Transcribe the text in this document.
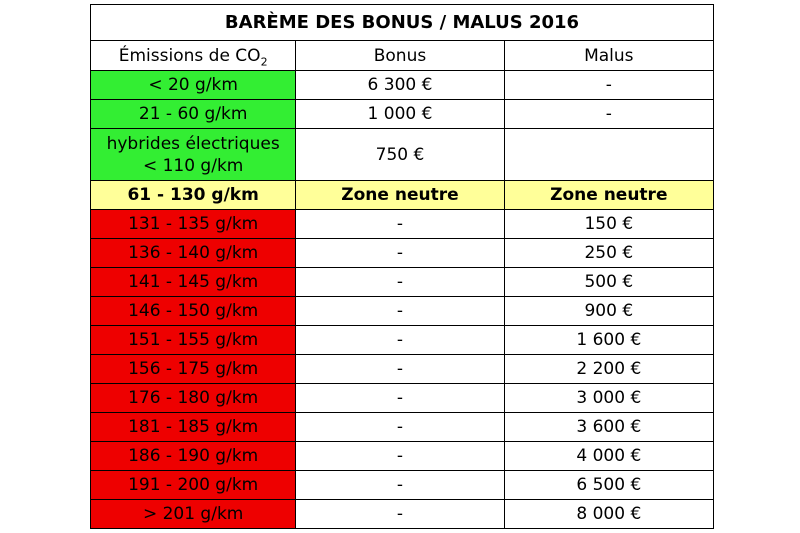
BARÈME DES BONUS / MALUS 2016		
Émissions de $CO_2$	Bonus	Malus
< 20 g/km	6 300 €	-
21 - 60 g/km	1 000 €	-

hybrides électriques
< 110 g/km	750 €	
61 - 130 g/km	Zone neutre	Zone neutre
131 - 135 g/km	-	150 €
136 - 140 g/km	-	250 €
141 - 145 g/km	-	500 €
146 - 150 g/km	-	900 €
151 - 155 g/km	-	1 600 €
156 - 175 g/km	-	2 200 €
176 - 180 g/km	-	3 000 €
181 - 185 g/km	-	3 600 €
186 - 190 g/km	-	4 000 €
191 - 200 g/km	-	6 500 €
> 201 g/km	-	8 000 €
